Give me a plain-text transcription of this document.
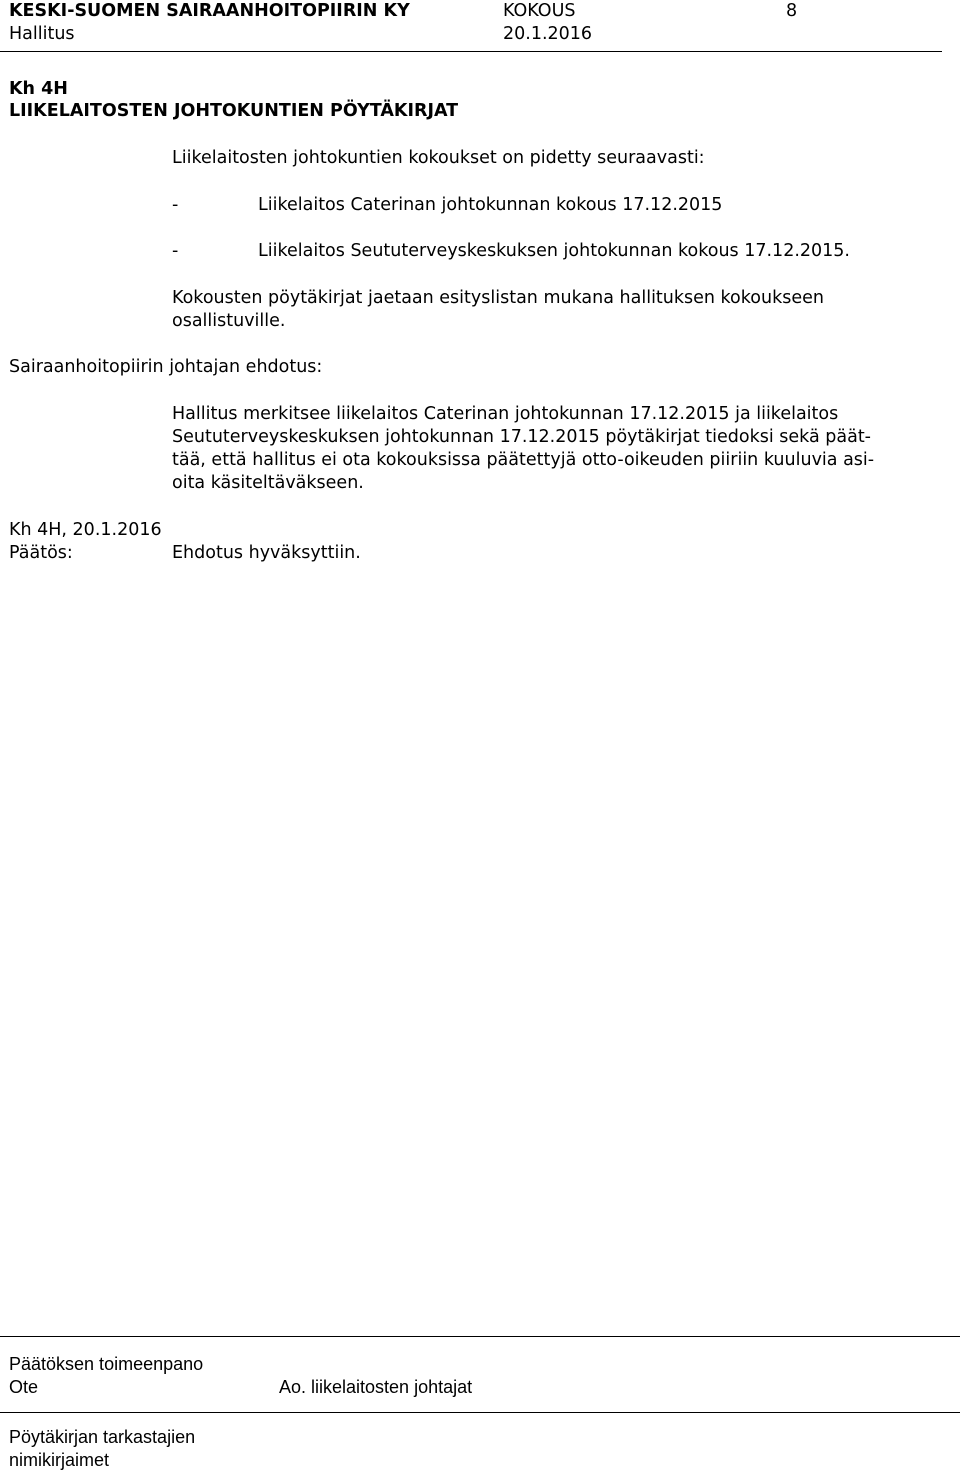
KESKI-SUOMEN SAIRAANHOITOPIIRIN KY	KOKOUS	8
Hallitus	20.1.2016
Kh 4H
LIIKELAITOSTEN JOHTOKUNTIEN PÖYTÄKIRJAT
Liikelaitosten johtokuntien kokoukset on pidetty seuraavasti:
-	Liikelaitos Caterinan johtokunnan kokous 17.12.2015
-	Liikelaitos Seututerveyskeskuksen johtokunnan kokous 17.12.2015.
Kokousten pöytäkirjat jaetaan esityslistan mukana hallituksen kokoukseen
osallistuville.
Sairaanhoitopiirin johtajan ehdotus:
Hallitus merkitsee liikelaitos Caterinan johtokunnan 17.12.2015 ja liikelaitos
Seututerveyskeskuksen johtokunnan 17.12.2015 pöytäkirjat tiedoksi sekä päät-
tää, että hallitus ei ota kokouksissa päätettyjä otto-oikeuden piiriin kuuluvia asi-
oita käsiteltäväkseen.
Kh 4H, 20.1.2016
Päätös:	Ehdotus hyväksyttiin.
Päätöksen toimeenpano
Ote	Ao. liikelaitosten johtajat
Pöytäkirjan tarkastajien
nimikirjaimet
